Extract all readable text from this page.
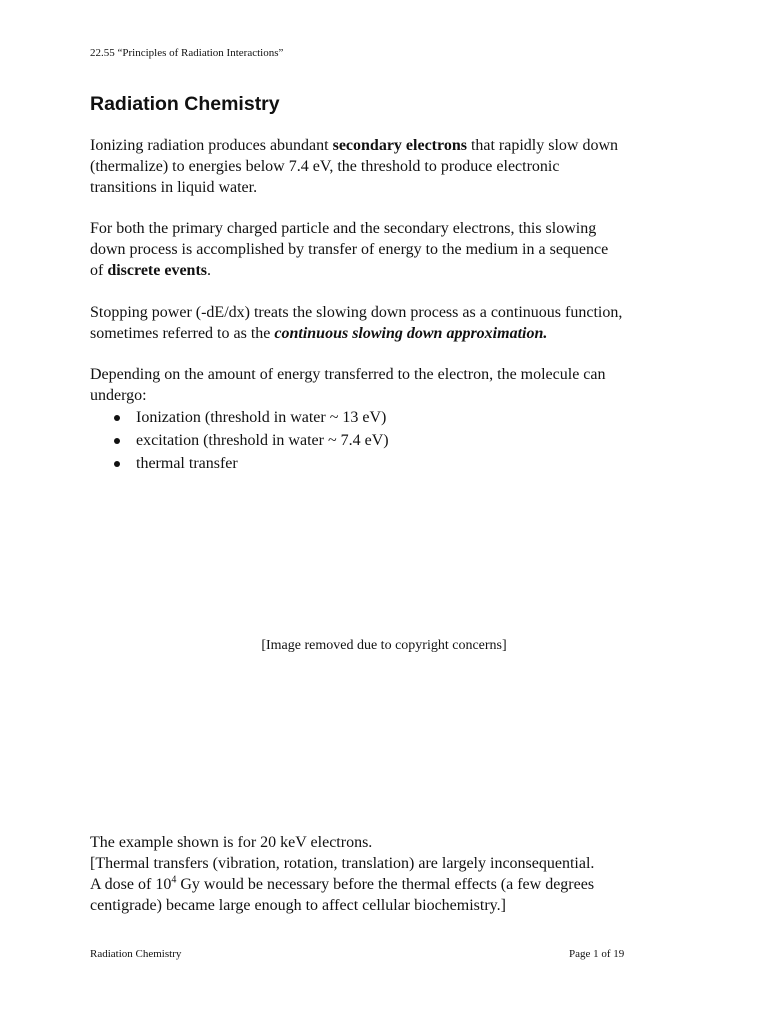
22.55 “Principles of Radiation Interactions”
Radiation Chemistry
Ionizing radiation produces abundant secondary electrons that rapidly slow down
(thermalize) to energies below 7.4 eV, the threshold to produce electronic
transitions in liquid water.
For both the primary charged particle and the secondary electrons, this slowing
down process is accomplished by transfer of energy to the medium in a sequence
of discrete events.
Stopping power (-dE/dx) treats the slowing down process as a continuous function,
sometimes referred to as the continuous slowing down approximation.
Depending on the amount of energy transferred to the electron, the molecule can
undergo:
Ionization (threshold in water ~ 13 eV)
excitation (threshold in water ~ 7.4 eV)
thermal transfer
[Image removed due to copyright concerns]
The example shown is for 20 keV electrons.
[Thermal transfers (vibration, rotation, translation) are largely inconsequential.
A dose of $10^4$ Gy would be necessary before the thermal effects (a few degrees
centigrade) became large enough to affect cellular biochemistry.]
Radiation Chemistry	Page 1 of 19
